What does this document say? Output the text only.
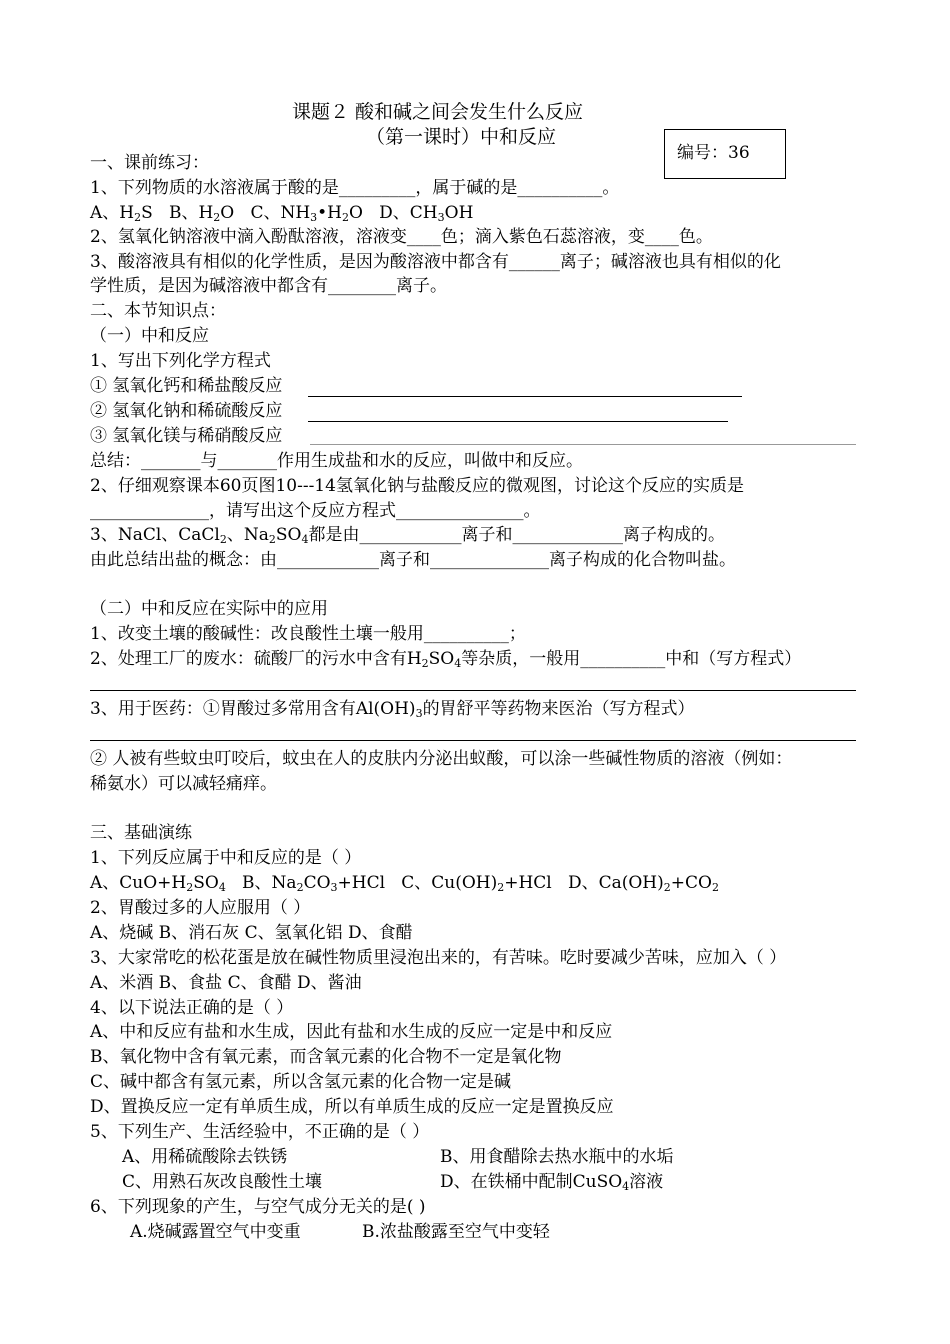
课题２ 酸和碱之间会发生什么反应
（第一课时）中和反应
编号：36
一、课前练习：
1、下列物质的水溶液属于酸的是_________，属于碱的是__________。
A、$H_2S$   B、$H_2O$   C、$NH_3•H_2O$   D、$CH_3OH$
2、氢氧化钠溶液中滴入酚酞溶液，溶液变____色；滴入紫色石蕊溶液，变____色。
3、酸溶液具有相似的化学性质，是因为酸溶液中都含有______离子；碱溶液也具有相似的化
学性质，是因为碱溶液中都含有________离子。
二、本节知识点：
（一）中和反应
1、写出下列化学方程式
① 氢氧化钙和稀盐酸反应
② 氢氧化钠和稀硫酸反应
③ 氢氧化镁与稀硝酸反应
总结：_______与_______作用生成盐和水的反应，叫做中和反应。
2、仔细观察课本60页图10---14氢氧化钠与盐酸反应的微观图，讨论这个反应的实质是
______________，请写出这个反应方程式_______________。
3、NaCl、CaCl$_2$、$Na_2SO_4$都是由____________离子和_____________离子构成的。
由此总结出盐的概念：由____________离子和______________离子构成的化合物叫盐。
（二）中和反应在实际中的应用
1、改变土壤的酸碱性：改良酸性土壤一般用__________；
2、处理工厂的废水：硫酸厂的污水中含有$H_2SO_4$等杂质，一般用__________中和（写方程式）
3、用于医药：①胃酸过多常用含有$Al(OH)_3$的胃舒平等药物来医治（写方程式）
② 人被有些蚊虫叮咬后，蚊虫在人的皮肤内分泌出蚁酸，可以涂一些碱性物质的溶液（例如：
稀氨水）可以减轻痛痒。
三、基础演练
1、下列反应属于中和反应的是（ ）
A、$CuO+H_2SO_4$   B、$Na_2CO_3+HCl$   C、$Cu(OH)_2+HCl$   D、$Ca(OH)_2+CO_2$
2、胃酸过多的人应服用（ ）
A、烧碱 B、消石灰 C、氢氧化铝 D、食醋
3、大家常吃的松花蛋是放在碱性物质里浸泡出来的，有苦味。吃时要减少苦味，应加入（ ）
A、米酒 B、食盐 C、食醋 D、酱油
4、以下说法正确的是（ ）
A、中和反应有盐和水生成，因此有盐和水生成的反应一定是中和反应
B、氧化物中含有氧元素，而含氧元素的化合物不一定是氧化物
C、碱中都含有氢元素，所以含氢元素的化合物一定是碱
D、置换反应一定有单质生成，所以有单质生成的反应一定是置换反应
5、下列生产、生活经验中，不正确的是（ ）
A、用稀硫酸除去铁锈	B、用食醋除去热水瓶中的水垢
C、用熟石灰改良酸性土壤	D、在铁桶中配制CuSO$_4$溶液
6、下列现象的产生，与空气成分无关的是( )
A.烧碱露置空气中变重	B.浓盐酸露至空气中变轻
